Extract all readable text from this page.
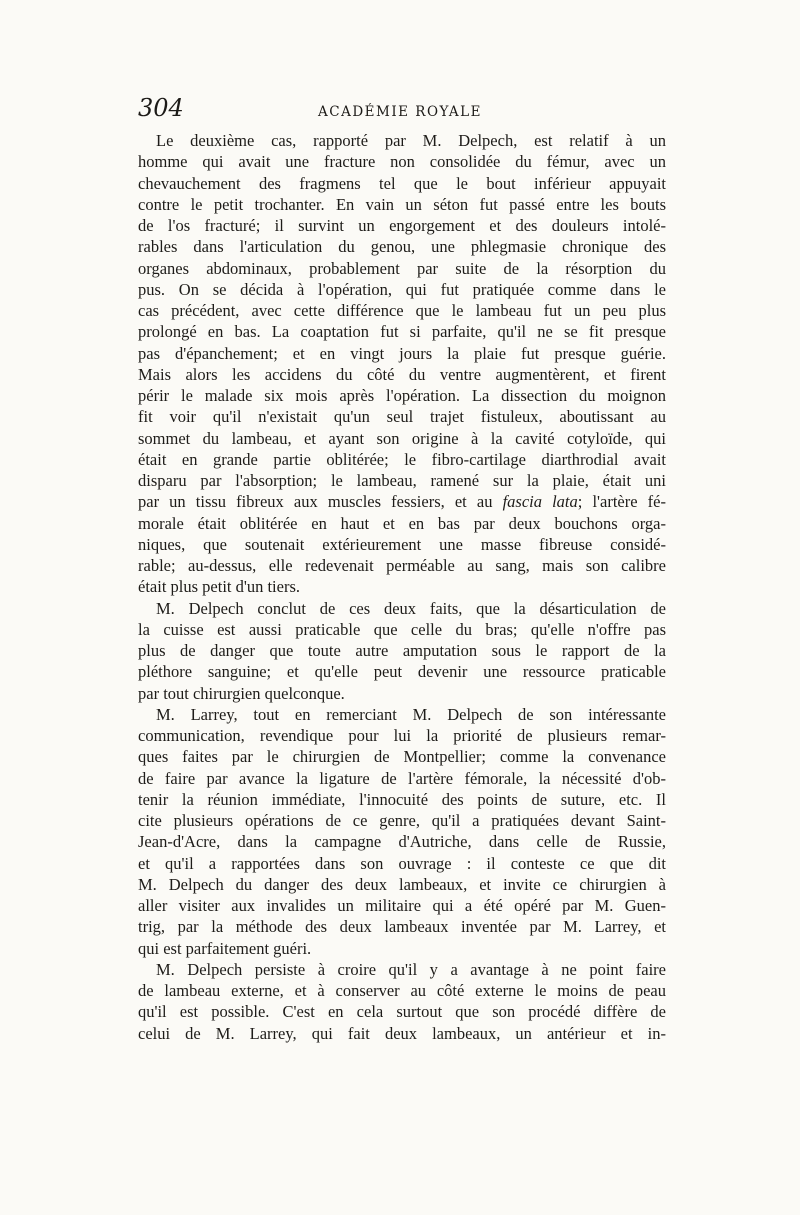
304	ACADÉMIE ROYALE
Le deuxième cas, rapporté par M. Delpech, est relatif à un
homme qui avait une fracture non consolidée du fémur, avec un
chevauchement des fragmens tel que le bout inférieur appuyait
contre le petit trochanter. En vain un séton fut passé entre les bouts
de l'os fracturé; il survint un engorgement et des douleurs intolé-
rables dans l'articulation du genou, une phlegmasie chronique des
organes abdominaux, probablement par suite de la résorption du
pus. On se décida à l'opération, qui fut pratiquée comme dans le
cas précédent, avec cette différence que le lambeau fut un peu plus
prolongé en bas. La coaptation fut si parfaite, qu'il ne se fit presque
pas d'épanchement; et en vingt jours la plaie fut presque guérie.
Mais alors les accidens du côté du ventre augmentèrent, et firent
périr le malade six mois après l'opération. La dissection du moignon
fit voir qu'il n'existait qu'un seul trajet fistuleux, aboutissant au
sommet du lambeau, et ayant son origine à la cavité cotyloïde, qui
était en grande partie oblitérée; le fibro-cartilage diarthrodial avait
disparu par l'absorption; le lambeau, ramené sur la plaie, était uni
par un tissu fibreux aux muscles fessiers, et au fascia lata; l'artère fé-
morale était oblitérée en haut et en bas par deux bouchons orga-
niques, que soutenait extérieurement une masse fibreuse considé-
rable; au-dessus, elle redevenait perméable au sang, mais son calibre
était plus petit d'un tiers.
M. Delpech conclut de ces deux faits, que la désarticulation de
la cuisse est aussi praticable que celle du bras; qu'elle n'offre pas
plus de danger que toute autre amputation sous le rapport de la
pléthore sanguine; et qu'elle peut devenir une ressource praticable
par tout chirurgien quelconque.
M. Larrey, tout en remerciant M. Delpech de son intéressante
communication, revendique pour lui la priorité de plusieurs remar-
ques faites par le chirurgien de Montpellier; comme la convenance
de faire par avance la ligature de l'artère fémorale, la nécessité d'ob-
tenir la réunion immédiate, l'innocuité des points de suture, etc. Il
cite plusieurs opérations de ce genre, qu'il a pratiquées devant Saint-
Jean-d'Acre, dans la campagne d'Autriche, dans celle de Russie,
et qu'il a rapportées dans son ouvrage : il conteste ce que dit
M. Delpech du danger des deux lambeaux, et invite ce chirurgien à
aller visiter aux invalides un militaire qui a été opéré par M. Guen-
trig, par la méthode des deux lambeaux inventée par M. Larrey, et
qui est parfaitement guéri.
M. Delpech persiste à croire qu'il y a avantage à ne point faire
de lambeau externe, et à conserver au côté externe le moins de peau
qu'il est possible. C'est en cela surtout que son procédé diffère de
celui de M. Larrey, qui fait deux lambeaux, un antérieur et in-
